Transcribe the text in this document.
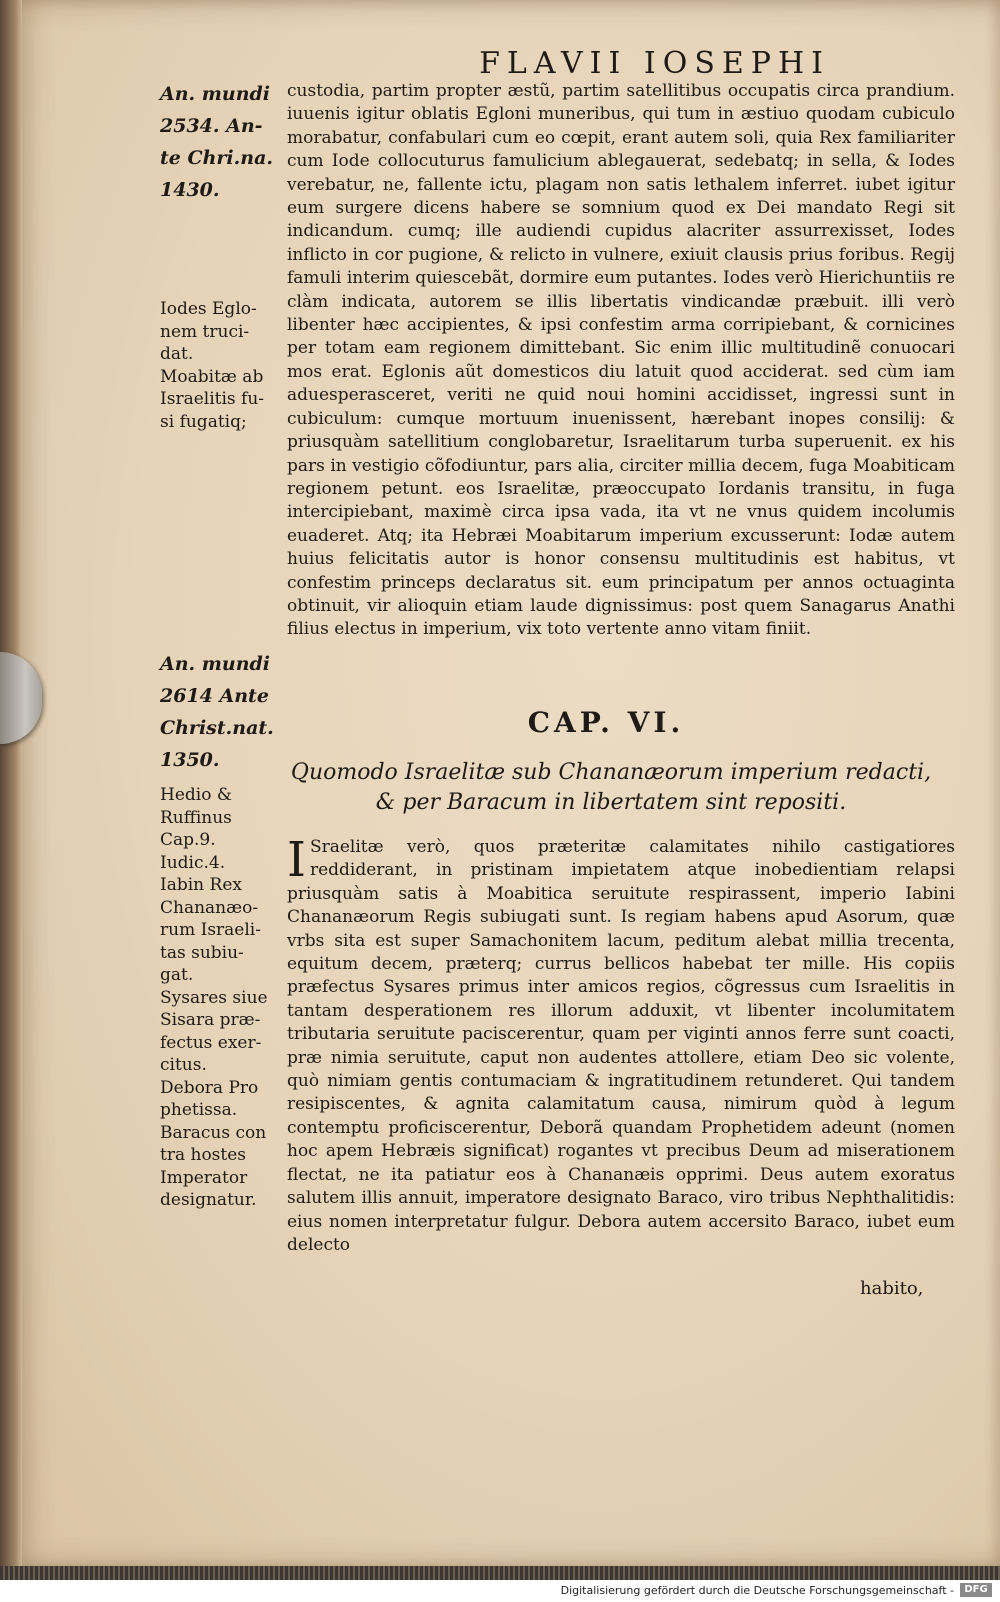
FLAVII IOSEPHI

An. mundi

2534. An-

te Chri.na.

1430.

Iodes Eglo-

nem truci-

dat.

Moabitæ ab

Israelitis fu-

si fugatiq;

custodia, partim propter æstũ, partim satellitibus occupatis circa prandium. iuuenis igitur oblatis Egloni muneribus, qui tum in æstiuo quodam cubiculo morabatur, confabulari cum eo cœpit, erant autem soli, quia Rex familiariter cum Iode collocuturus famulicium ablegauerat, sedebatq; in sella, & Iodes verebatur, ne, fallente ictu, plagam non satis lethalem inferret. iubet igitur eum surgere dicens habere se somnium quod ex Dei mandato Regi sit indicandum. cumq; ille audiendi cupidus alacriter assurrexisset, Iodes inflicto in cor pugione, & relicto in vulnere, exiuit clausis prius foribus. Regij famuli interim quiescebãt, dormire eum putantes. Iodes verò Hierichuntiis re clàm indicata, autorem se illis libertatis vindicandæ præbuit. illi verò libenter hæc accipientes, & ipsi confestim arma corripiebant, & cornicines per totam eam regionem dimittebant. Sic enim illic multitudinẽ conuocari mos erat. Eglonis aũt domesticos diu latuit quod acciderat. sed cùm iam aduesperasceret, veriti ne quid noui homini accidisset, ingressi sunt in cubiculum: cumque mortuum inuenissent, hærebant inopes consilij: & priusquàm satellitium conglobaretur, Israelitarum turba superuenit. ex his pars in vestigio cõfodiuntur, pars alia, circiter millia decem, fuga Moabiticam regionem petunt. eos Israelitæ, præoccupato Iordanis transitu, in fuga intercipiebant, maximè circa ipsa vada, ita vt ne vnus quidem incolumis euaderet. Atq; ita Hebræi Moabitarum imperium excusserunt: Iodæ autem huius felicitatis autor is honor consensu multitudinis est habitus, vt confestim princeps declaratus sit. eum principatum per annos octuaginta obtinuit, vir alioquin etiam laude dignissimus: post quem Sanagarus Anathi filius electus in imperium, vix toto vertente anno vitam finiit.

An. mundi

2614 Ante

Christ.nat.

1350.

Hedio &

Ruffinus

Cap.9.

Iudic.4.

Iabin Rex

Chananæo-

rum Israeli-

tas subiu-

gat.

Sysares siue

Sisara præ-

fectus exer-

citus.

Debora Pro

phetissa.

Baracus con

tra hostes

Imperator

designatur.

CAP. VI.
Quomodo Israelitæ sub Chananæorum imperium redacti, & per Baracum in libertatem sint repositi.
I Sraelitæ verò, quos præteritæ calamitates nihilo castigatiores reddiderant, in pristinam impietatem atque inobedientiam relapsi priusquàm satis à Moabitica seruitute respirassent, imperio Iabini Chananæorum Regis subiugati sunt. Is regiam habens apud Asorum, quæ vrbs sita est super Samachonitem lacum, peditum alebat millia trecenta, equitum decem, præterq; currus bellicos habebat ter mille. His copiis præfectus Sysares primus inter amicos regios, cõgressus cum Israelitis in tantam desperationem res illorum adduxit, vt libenter incolumitatem tributaria seruitute paciscerentur, quam per viginti annos ferre sunt coacti, præ nimia seruitute, caput non audentes attollere, etiam Deo sic volente, quò nimiam gentis contumaciam & ingratitudinem retunderet. Qui tandem resipiscentes, & agnita calamitatum causa, nimirum quòd à legum contemptu proficiscerentur, Deborã quandam Prophetidem adeunt (nomen hoc apem Hebræis significat) rogantes vt precibus Deum ad miserationem flectat, ne ita patiatur eos à Chananæis opprimi. Deus autem exoratus salutem illis annuit, imperatore designato Baraco, viro tribus Nephthalitidis: eius nomen interpretatur fulgur. Debora autem accersito Baraco, iubet eum delecto

habito,
Digitalisierung gefördert durch die Deutsche Forschungsgemeinschaft -	DFG
